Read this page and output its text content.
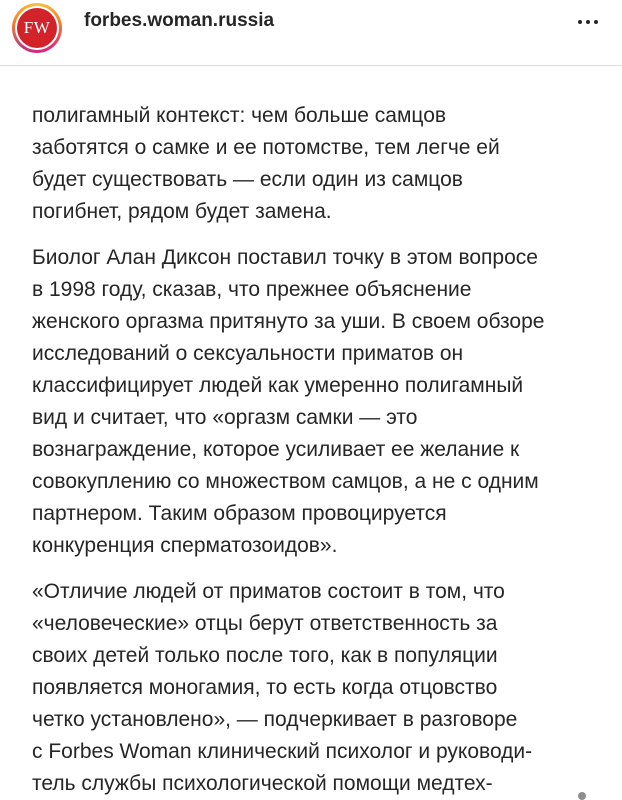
FW	forbes.woman.russia
полигамный контекст: чем больше самцов
заботятся о самке и ее потомстве, тем легче ей
будет существовать — если один из самцов
погибнет, рядом будет замена.
Биолог Алан Диксон поставил точку в этом вопросе
в 1998 году, сказав, что прежнее объяснение
женского оргазма притянуто за уши. В своем обзоре
исследований о сексуальности приматов он
классифицирует людей как умеренно полигамный
вид и считает, что «оргазм самки — это
вознаграждение, которое усиливает ее желание к
совокуплению со множеством самцов, а не с одним
партнером. Таким образом провоцируется
конкуренция сперматозоидов».
«Отличие людей от приматов состоит в том, что
«человеческие» отцы берут ответственность за
своих детей только после того, как в популяции
появляется моногамия, то есть когда отцовство
четко установлено», — подчеркивает в разговоре
с Forbes Woman клинический психолог и руководи-
тель службы психологической помощи медтех-
